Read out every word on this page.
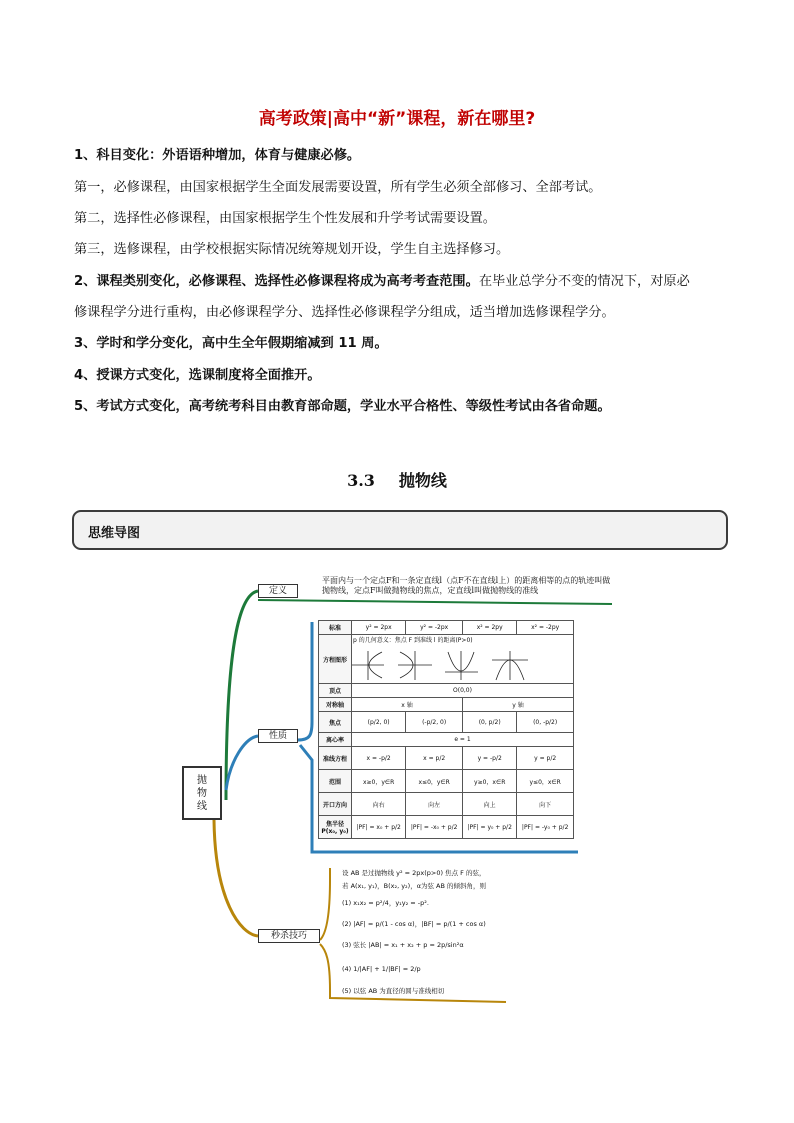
高考政策|高中“新”课程，新在哪里?
1、科目变化：外语语种增加，体育与健康必修。
第一，必修课程，由国家根据学生全面发展需要设置，所有学生必须全部修习、全部考试。
第二，选择性必修课程，由国家根据学生个性发展和升学考试需要设置。
第三，选修课程，由学校根据实际情况统筹规划开设，学生自主选择修习。
2、课程类别变化，必修课程、选择性必修课程将成为高考考查范围。在毕业总学分不变的情况下，对原必
修课程学分进行重构，由必修课程学分、选择性必修课程学分组成，适当增加选修课程学分。
3、学时和学分变化，高中生全年假期缩减到 11 周。
4、授课方式变化，选课制度将全面推开。
5、考试方式变化，高考统考科目由教育部命题，学业水平合格性、等级性考试由各省命题。
3.3 抛物线
思维导图
抛物线
定义
性质
秒杀技巧
平面内与一个定点F和一条定直线l（点F不在直线l上）的距离相等的点的轨迹叫做抛物线，定点F叫做抛物线的焦点，定直线l叫做抛物线的准线
标准	y² = 2px	y² = -2px	x² = 2py	x² = -2py
方程图形	p 的几何意义：焦点 F 到准线 l 的距离(P>0)			
顶点	O(0,0)			
对称轴	x 轴		y 轴	
焦点	(p/2, 0)	(-p/2, 0)	(0, p/2)	(0, -p/2)
离心率	e = 1			
准线方程	x = -p/2	x = p/2	y = -p/2	y = p/2
范围	x≥0，y∈R	x≤0，y∈R	y≥0，x∈R	y≤0，x∈R
开口方向	向右	向左	向上	向下
焦半径 P(x₀, y₀)	|PF| = x₀ + p/2	|PF| = -x₀ + p/2	|PF| = y₀ + p/2	|PF| = -y₀ + p/2
设 AB 是过抛物线 y² = 2px(p>0) 焦点 F 的弦，
若 A(x₁, y₁)，B(x₂, y₂)，α为弦 AB 的倾斜角，则
(1) x₁x₂ = p²/4，y₁y₂ = -p².
(2) |AF| = p/(1 - cos α)，|BF| = p/(1 + cos α)
(3) 弦长 |AB| = x₁ + x₂ + p = 2p/sin²α
(4) 1/|AF| + 1/|BF| = 2/p
(5) 以弦 AB 为直径的圆与准线相切
